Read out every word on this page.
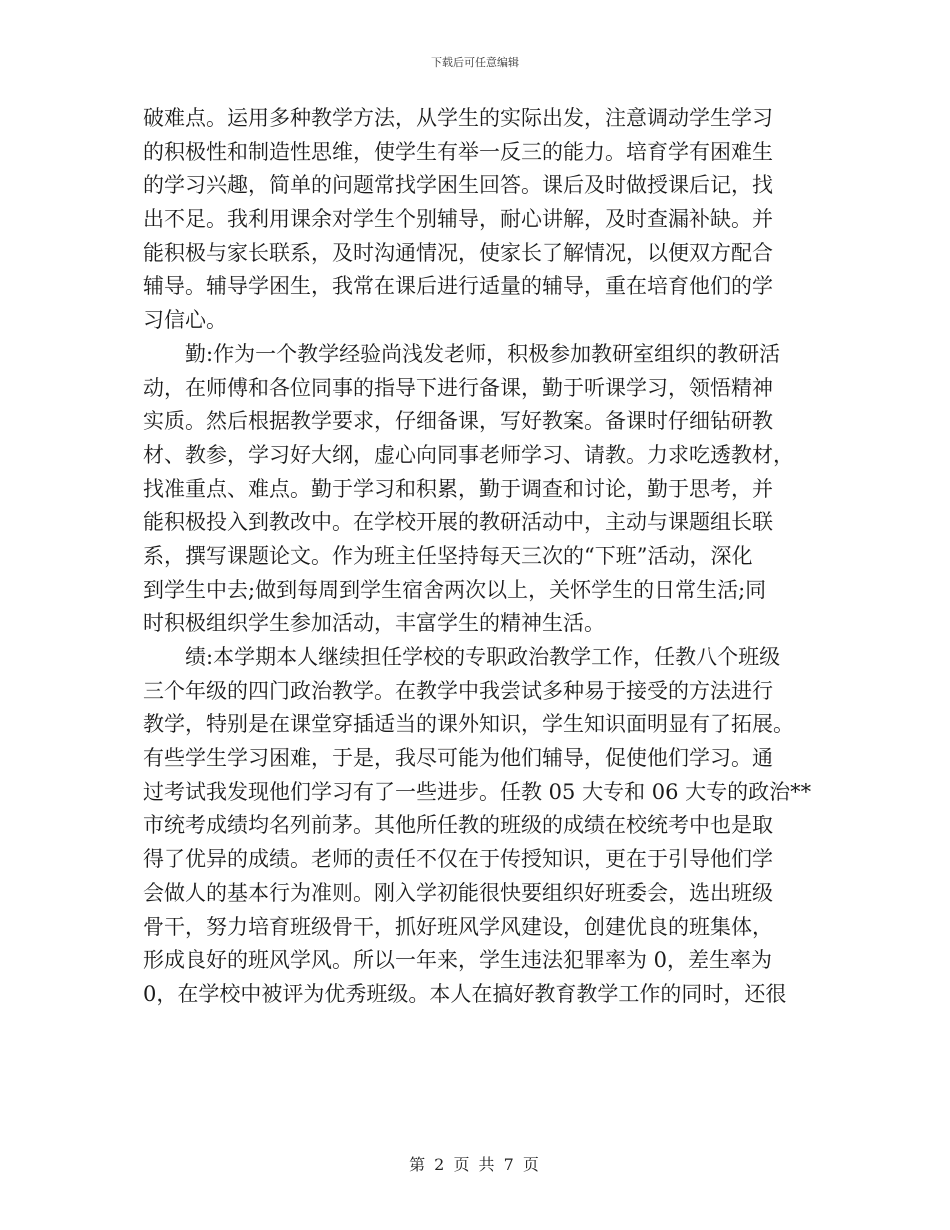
下载后可任意编辑
破难点。运用多种教学方法，从学生的实际出发，注意调动学生学习
的积极性和制造性思维，使学生有举一反三的能力。培育学有困难生
的学习兴趣，简单的问题常找学困生回答。课后及时做授课后记，找
出不足。我利用课余对学生个别辅导，耐心讲解，及时查漏补缺。并
能积极与家长联系，及时沟通情况，使家长了解情况，以便双方配合
辅导。辅导学困生，我常在课后进行适量的辅导，重在培育他们的学
习信心。
　　勤:作为一个教学经验尚浅发老师，积极参加教研室组织的教研活
动，在师傅和各位同事的指导下进行备课，勤于听课学习，领悟精神
实质。然后根据教学要求，仔细备课，写好教案。备课时仔细钻研教
材、教参，学习好大纲，虚心向同事老师学习、请教。力求吃透教材，
找准重点、难点。勤于学习和积累，勤于调查和讨论，勤于思考，并
能积极投入到教改中。在学校开展的教研活动中，主动与课题组长联
系，撰写课题论文。作为班主任坚持每天三次的“下班”活动，深化
到学生中去;做到每周到学生宿舍两次以上，关怀学生的日常生活;同
时积极组织学生参加活动，丰富学生的精神生活。
　　绩:本学期本人继续担任学校的专职政治教学工作，任教八个班级
三个年级的四门政治教学。在教学中我尝试多种易于接受的方法进行
教学，特别是在课堂穿插适当的课外知识，学生知识面明显有了拓展。
有些学生学习困难，于是，我尽可能为他们辅导，促使他们学习。通
过考试我发现他们学习有了一些进步。任教 05 大专和 06 大专的政治**
市统考成绩均名列前茅。其他所任教的班级的成绩在校统考中也是取
得了优异的成绩。老师的责任不仅在于传授知识，更在于引导他们学
会做人的基本行为准则。刚入学初能很快要组织好班委会，选出班级
骨干，努力培育班级骨干，抓好班风学风建设，创建优良的班集体，
形成良好的班风学风。所以一年来，学生违法犯罪率为 0，差生率为
0，在学校中被评为优秀班级。本人在搞好教育教学工作的同时，还很
第 2 页 共 7 页
